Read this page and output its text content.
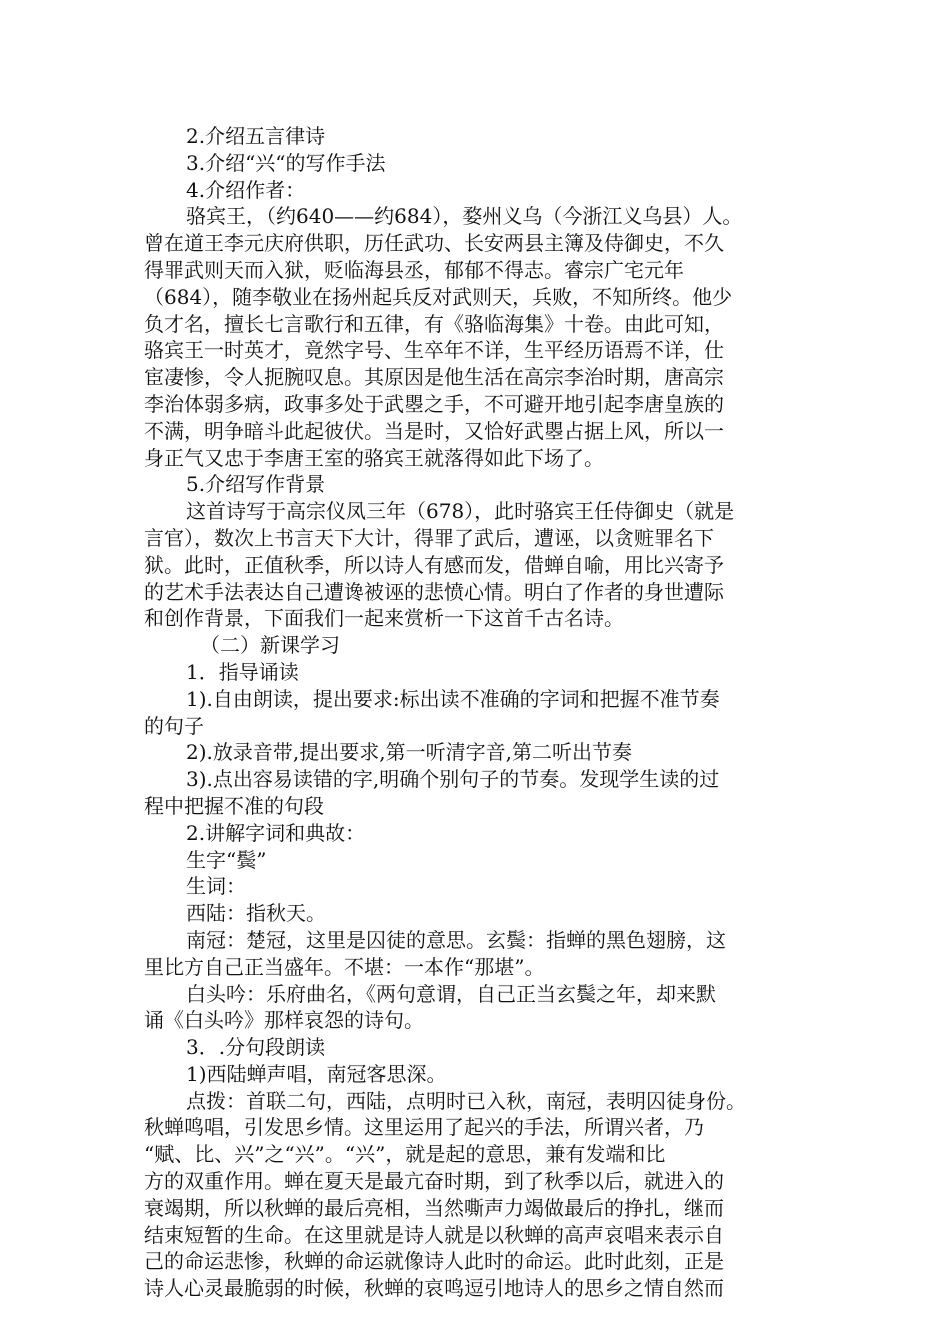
2.介绍五言律诗
3.介绍“兴“的写作手法
4.介绍作者：
骆宾王，（约640——约684），婺州义乌（今浙江义乌县）人。
曾在道王李元庆府供职，历任武功、长安两县主簿及侍御史，不久
得罪武则天而入狱，贬临海县丞，郁郁不得志。睿宗广宅元年
（684），随李敬业在扬州起兵反对武则天，兵败，不知所终。他少
负才名，擅长七言歌行和五律，有《骆临海集》十卷。由此可知，
骆宾王一时英才，竟然字号、生卒年不详，生平经历语焉不详，仕
宦凄惨，令人扼腕叹息。其原因是他生活在高宗李治时期，唐高宗
李治体弱多病，政事多处于武瞾之手，不可避开地引起李唐皇族的
不满，明争暗斗此起彼伏。当是时，又恰好武瞾占据上风，所以一
身正气又忠于李唐王室的骆宾王就落得如此下场了。
5.介绍写作背景
这首诗写于高宗仪凤三年（678），此时骆宾王任侍御史（就是
言官），数次上书言天下大计，得罪了武后，遭诬，以贪赃罪名下
狱。此时，正值秋季，所以诗人有感而发，借蝉自喻，用比兴寄予
的艺术手法表达自己遭谗被诬的悲愤心情。明白了作者的身世遭际
和创作背景，下面我们一起来赏析一下这首千古名诗。
（二）新课学习
1．指导诵读
1).自由朗读，提出要求:标出读不准确的字词和把握不准节奏
的句子
2).放录音带,提出要求,第一听清字音,第二听出节奏
3).点出容易读错的字,明确个别句子的节奏。发现学生读的过
程中把握不准的句段
2.讲解字词和典故：
生字“鬓”
生词：
西陆：指秋天。
南冠：楚冠，这里是囚徒的意思。玄鬓：指蝉的黑色翅膀，这
里比方自己正当盛年。不堪：一本作“那堪”。
白头吟：乐府曲名，《两句意谓，自己正当玄鬓之年，却来默
诵《白头吟》那样哀怨的诗句。
3．.分句段朗读
1)西陆蝉声唱，南冠客思深。
点拨：首联二句，西陆，点明时已入秋，南冠，表明囚徒身份。
秋蝉鸣唱，引发思乡情。这里运用了起兴的手法，所谓兴者，乃
“赋、比、兴”之“兴”。“兴”，就是起的意思，兼有发端和比
方的双重作用。蝉在夏天是最亢奋时期，到了秋季以后，就进入的
衰竭期，所以秋蝉的最后亮相，当然嘶声力竭做最后的挣扎，继而
结束短暂的生命。在这里就是诗人就是以秋蝉的高声哀唱来表示自
己的命运悲惨，秋蝉的命运就像诗人此时的命运。此时此刻，正是
诗人心灵最脆弱的时候，秋蝉的哀鸣逗引地诗人的思乡之情自然而
